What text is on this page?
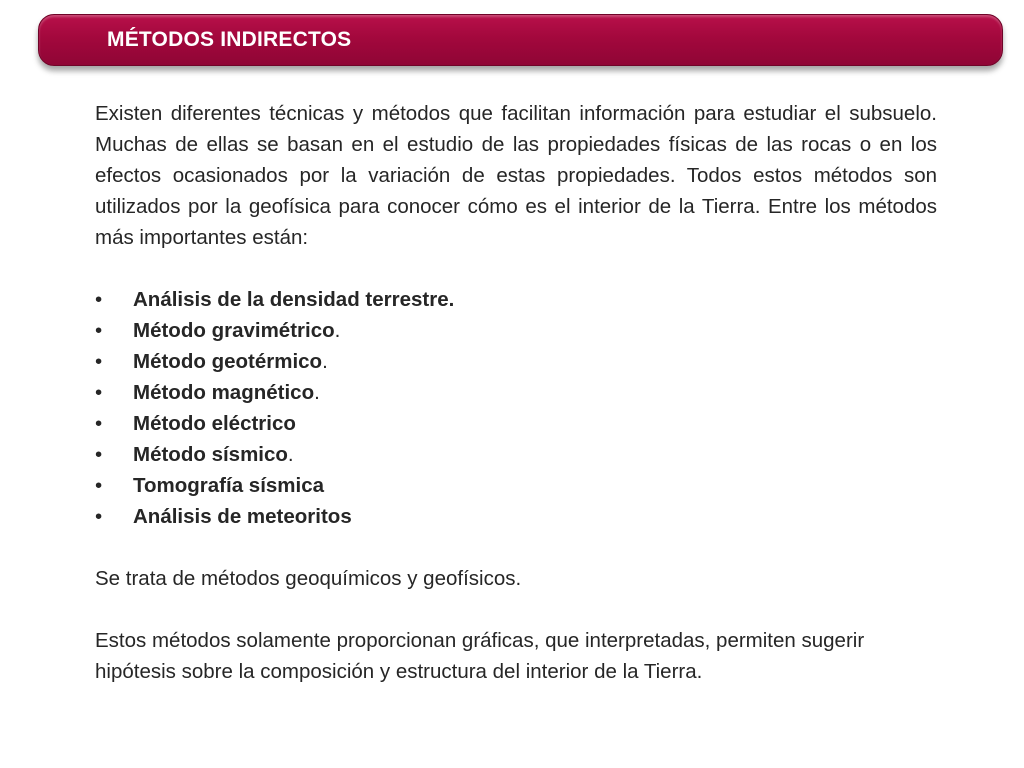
MÉTODOS INDIRECTOS

Existen diferentes técnicas y métodos que facilitan información para estudiar el subsuelo. Muchas de ellas se basan en el estudio de las propiedades físicas de las rocas o en los efectos ocasionados por la variación de estas propiedades. Todos estos métodos son utilizados por la geofísica para conocer cómo es el interior de la Tierra. Entre los métodos más importantes están:

• Análisis de la densidad terrestre.
• Método gravimétrico.
• Método geotérmico.
• Método magnético.
• Método eléctrico
• Método sísmico.
• Tomografía sísmica
• Análisis de meteoritos

Se trata de métodos geoquímicos y geofísicos.

Estos métodos solamente proporcionan gráficas, que interpretadas, permiten sugerir hipótesis sobre la composición y estructura del interior de la Tierra.
